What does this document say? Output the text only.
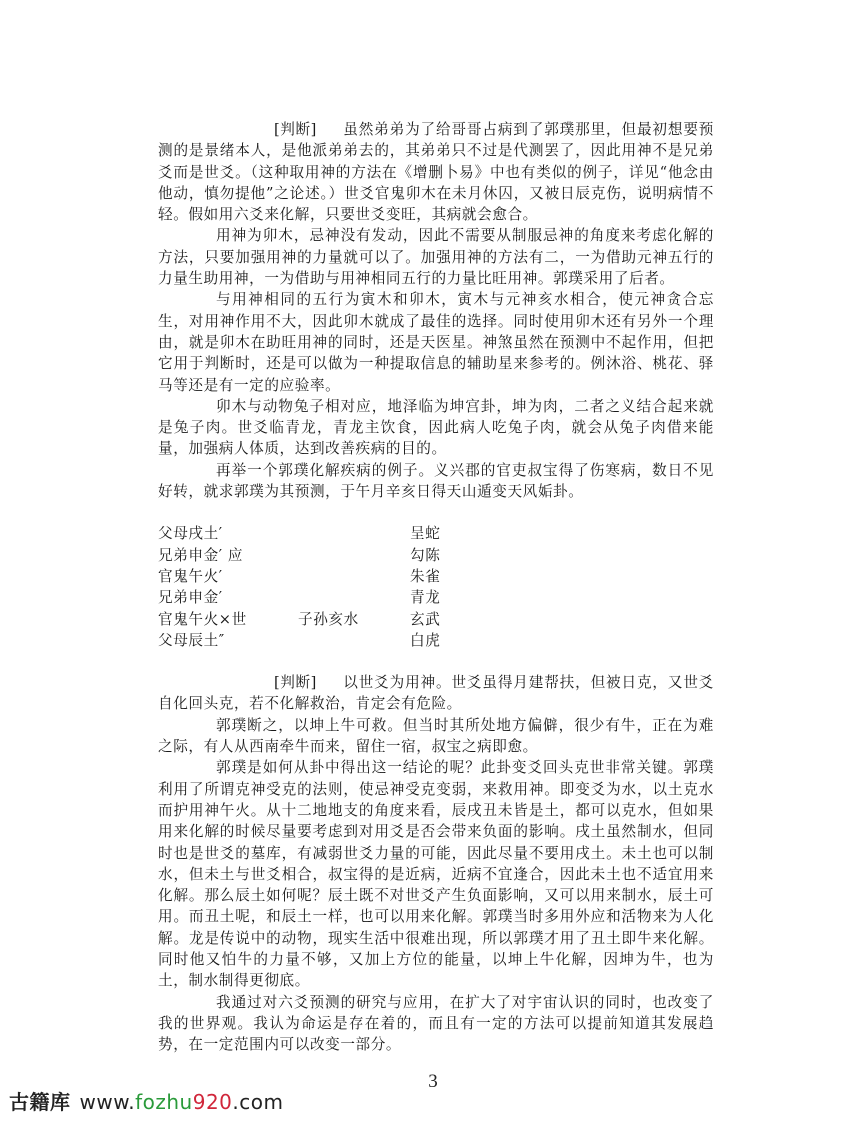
[判断] 虽然弟弟为了给哥哥占病到了郭璞那里，但最初想要预测的是景绪本人，是他派弟弟去的，其弟弟只不过是代测罢了，因此用神不是兄弟爻而是世爻。（这种取用神的方法在《增删卜易》中也有类似的例子，详见“他念由他动，慎勿提他”之论述。）世爻官鬼卯木在未月休囚，又被日辰克伤，说明病情不轻。假如用六爻来化解，只要世爻变旺，其病就会愈合。

用神为卯木，忌神没有发动，因此不需要从制服忌神的角度来考虑化解的方法，只要加强用神的力量就可以了。加强用神的方法有二，一为借助元神五行的力量生助用神，一为借助与用神相同五行的力量比旺用神。郭璞采用了后者。

与用神相同的五行为寅木和卯木，寅木与元神亥水相合，使元神贪合忘生，对用神作用不大，因此卯木就成了最佳的选择。同时使用卯木还有另外一个理由，就是卯木在助旺用神的同时，还是天医星。神煞虽然在预测中不起作用，但把它用于判断时，还是可以做为一种提取信息的辅助星来参考的。例沐浴、桃花、驿马等还是有一定的应验率。

卯木与动物兔子相对应，地泽临为坤宫卦，坤为肉，二者之义结合起来就是兔子肉。世爻临青龙，青龙主饮食，因此病人吃兔子肉，就会从兔子肉借来能量，加强病人体质，达到改善疾病的目的。

再举一个郭璞化解疾病的例子。义兴郡的官吏叔宝得了伤寒病，数日不见好转，就求郭璞为其预测，于午月辛亥日得天山遁变天风姤卦。

父母戌土′	呈蛇
兄弟申金′ 应	勾陈
官鬼午火′	朱雀
兄弟申金′	青龙
官鬼午火×世	子孙亥水	玄武
父母辰土″	白虎

[判断] 以世爻为用神。世爻虽得月建帮扶，但被日克，又世爻自化回头克，若不化解救治，肯定会有危险。

郭璞断之，以坤上牛可救。但当时其所处地方偏僻，很少有牛，正在为难之际，有人从西南牵牛而来，留住一宿，叔宝之病即愈。

郭璞是如何从卦中得出这一结论的呢？此卦变爻回头克世非常关键。郭璞利用了所谓克神受克的法则，使忌神受克变弱，来救用神。即变爻为水，以土克水而护用神午火。从十二地地支的角度来看，辰戌丑未皆是土，都可以克水，但如果用来化解的时候尽量要考虑到对用爻是否会带来负面的影响。戌土虽然制水，但同时也是世爻的墓库，有减弱世爻力量的可能，因此尽量不要用戌土。未土也可以制水，但未土与世爻相合，叔宝得的是近病，近病不宜逢合，因此未土也不适宜用来化解。那么辰土如何呢？辰土既不对世爻产生负面影响，又可以用来制水，辰土可用。而丑土呢，和辰土一样，也可以用来化解。郭璞当时多用外应和活物来为人化解。龙是传说中的动物，现实生活中很难出现，所以郭璞才用了丑土即牛来化解。同时他又怕牛的力量不够，又加上方位的能量，以坤上牛化解，因坤为牛，也为土，制水制得更彻底。

我通过对六爻预测的研究与应用，在扩大了对宇宙认识的同时，也改变了我的世界观。我认为命运是存在着的，而且有一定的方法可以提前知道其发展趋势，在一定范围内可以改变一部分。

3
古籍库 www.fozhu920.com
